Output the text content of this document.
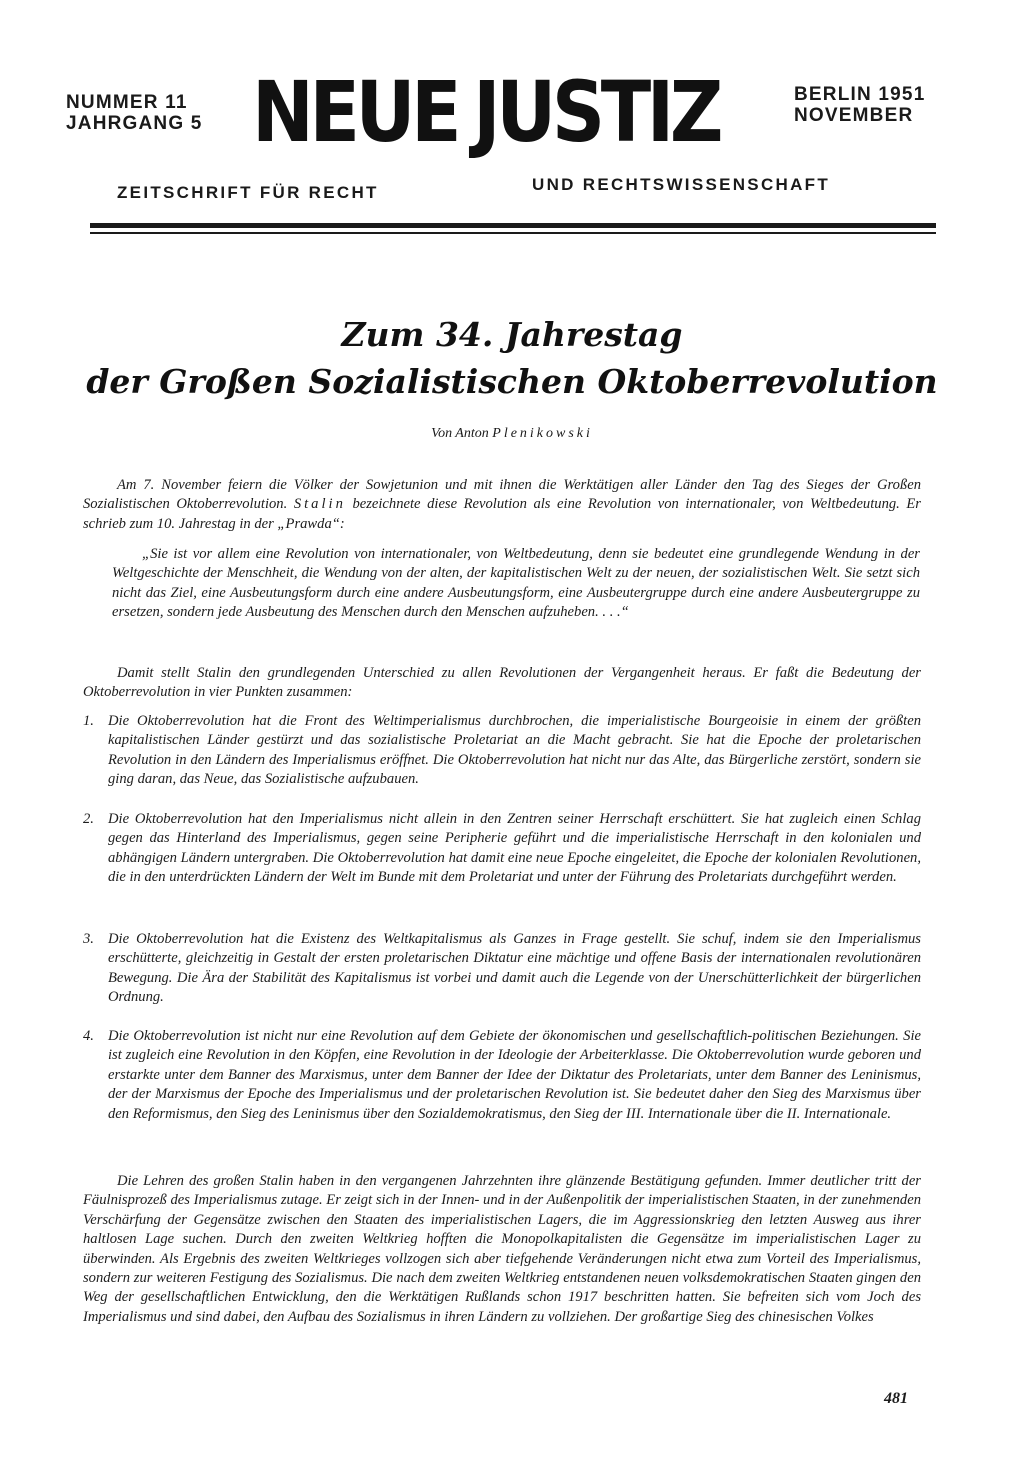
NUMMER 11
JAHRGANG 5 NEUE JUSTIZ	BERLIN 1951
NOVEMBER
ZEITSCHRIFT FÜR RECHT	UND RECHTSWISSENSCHAFT
Zum 34. Jahrestag
der Großen Sozialistischen Oktoberrevolution
Von Anton Plenikowski

Am 7. November feiern die Völker der Sowjetunion und mit ihnen die Werktätigen aller Länder den Tag des Sieges der Großen Sozialistischen Oktoberrevolution. Stalin bezeichnete diese Revolution als eine Revolution von internationaler, von Weltbedeutung. Er schrieb zum 10. Jahrestag in der „Prawda“:

„Sie ist vor allem eine Revolution von internationaler, von Weltbedeutung, denn sie bedeutet eine grundlegende Wendung in der Weltgeschichte der Menschheit, die Wendung von der alten, der kapitalistischen Welt zu der neuen, der sozialistischen Welt. Sie setzt sich nicht das Ziel, eine Ausbeutungsform durch eine andere Ausbeutungsform, eine Ausbeutergruppe durch eine andere Ausbeutergruppe zu ersetzen, sondern jede Ausbeutung des Menschen durch den Menschen aufzuheben. . . .“

Damit stellt Stalin den grundlegenden Unterschied zu allen Revolutionen der Vergangenheit heraus. Er faßt die Bedeutung der Oktoberrevolution in vier Punkten zusammen:

1. Die Oktoberrevolution hat die Front des Weltimperialismus durchbrochen, die imperialistische Bourgeoisie in einem der größten kapitalistischen Länder gestürzt und das sozialistische Proletariat an die Macht gebracht. Sie hat die Epoche der proletarischen Revolution in den Ländern des Imperialismus eröffnet. Die Oktoberrevolution hat nicht nur das Alte, das Bürgerliche zerstört, sondern sie ging daran, das Neue, das Sozialistische aufzubauen.
2. Die Oktoberrevolution hat den Imperialismus nicht allein in den Zentren seiner Herrschaft erschüttert. Sie hat zugleich einen Schlag gegen das Hinterland des Imperialismus, gegen seine Peripherie geführt und die imperialistische Herrschaft in den kolonialen und abhängigen Ländern untergraben. Die Oktoberrevolution hat damit eine neue Epoche eingeleitet, die Epoche der kolonialen Revolutionen, die in den unterdrückten Ländern der Welt im Bunde mit dem Proletariat und unter der Führung des Proletariats durchgeführt werden.
3. Die Oktoberrevolution hat die Existenz des Weltkapitalismus als Ganzes in Frage gestellt. Sie schuf, indem sie den Imperialismus erschütterte, gleichzeitig in Gestalt der ersten proletarischen Diktatur eine mächtige und offene Basis der internationalen revolutionären Bewegung. Die Ära der Stabilität des Kapitalismus ist vorbei und damit auch die Legende von der Unerschütterlichkeit der bürgerlichen Ordnung.
4. Die Oktoberrevolution ist nicht nur eine Revolution auf dem Gebiete der ökonomischen und gesellschaftlich-politischen Beziehungen. Sie ist zugleich eine Revolution in den Köpfen, eine Revolution in der Ideologie der Arbeiterklasse. Die Oktoberrevolution wurde geboren und erstarkte unter dem Banner des Marxismus, unter dem Banner der Idee der Diktatur des Proletariats, unter dem Banner des Leninismus, der der Marxismus der Epoche des Imperialismus und der proletarischen Revolution ist. Sie bedeutet daher den Sieg des Marxismus über den Reformismus, den Sieg des Leninismus über den Sozialdemokratismus, den Sieg der III. Internationale über die II. Internationale.

Die Lehren des großen Stalin haben in den vergangenen Jahrzehnten ihre glänzende Bestätigung gefunden. Immer deutlicher tritt der Fäulnisprozeß des Imperialismus zutage. Er zeigt sich in der Innen- und in der Außenpolitik der imperialistischen Staaten, in der zunehmenden Verschärfung der Gegensätze zwischen den Staaten des imperialistischen Lagers, die im Aggressionskrieg den letzten Ausweg aus ihrer haltlosen Lage suchen. Durch den zweiten Weltkrieg hofften die Monopolkapitalisten die Gegensätze im imperialistischen Lager zu überwinden. Als Ergebnis des zweiten Weltkrieges vollzogen sich aber tiefgehende Veränderungen nicht etwa zum Vorteil des Imperialismus, sondern zur weiteren Festigung des Sozialismus. Die nach dem zweiten Weltkrieg entstandenen neuen volksdemokratischen Staaten gingen den Weg der gesellschaftlichen Entwicklung, den die Werktätigen Rußlands schon 1917 beschritten hatten. Sie befreiten sich vom Joch des Imperialismus und sind dabei, den Aufbau des Sozialismus in ihren Ländern zu vollziehen. Der großartige Sieg des chinesischen Volkes

481
